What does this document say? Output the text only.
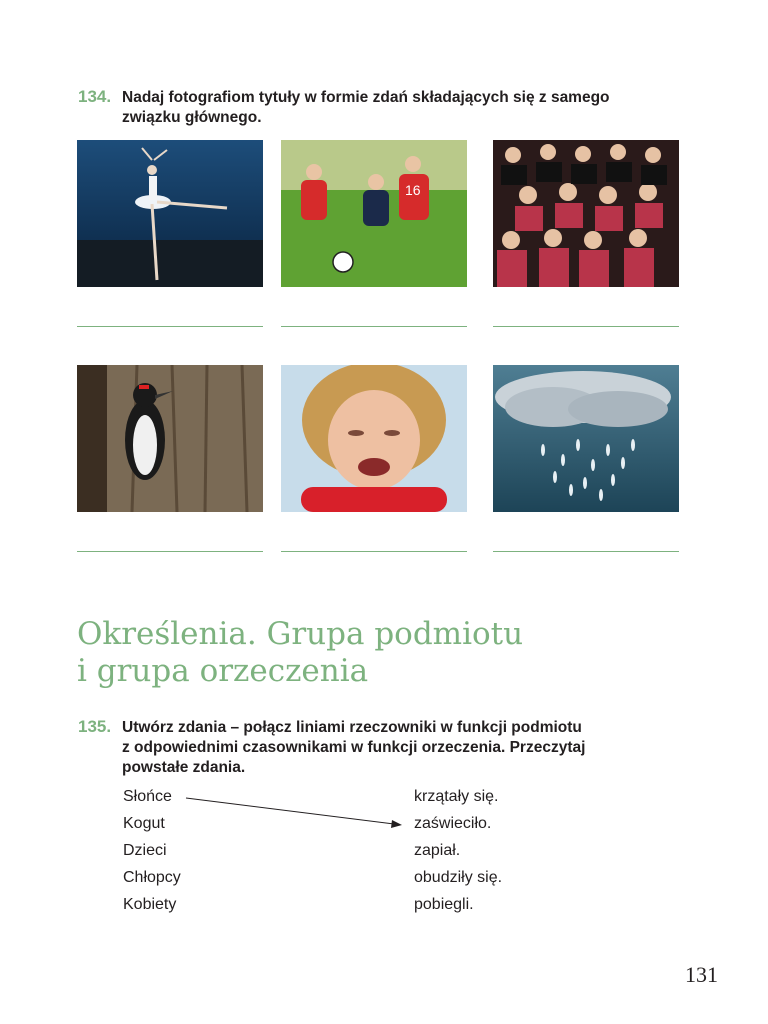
134. Nadaj fotografiom tytuły w formie zdań składających się z samego
związku głównego.
16
Określenia. Grupa podmiotu
i grupa orzeczenia
135. Utwórz zdania – połącz liniami rzeczowniki w funkcji podmiotu
z odpowiednimi czasownikami w funkcji orzeczenia. Przeczytaj
powstałe zdania.
Słońce
Kogut
Dzieci
Chłopcy
Kobiety
krzątały się.
zaświeciło.
zapiał.
obudziły się.
pobiegli.
131
